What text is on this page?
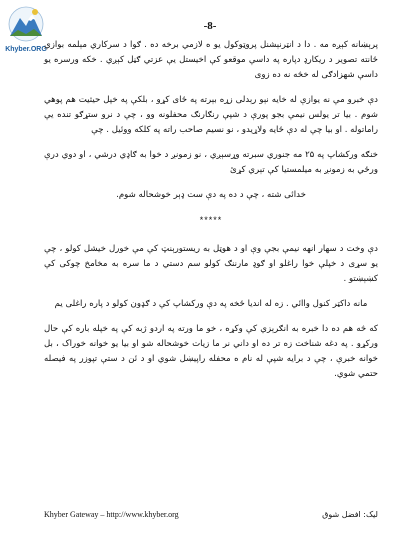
Khyber.ORG
-8-

پرېښانه کېږه مه . دا د انټرنېشنل پروټوکول يو ه لازمي برخه ده . ګوا د سرکاري مېلمه بوازي ځانته تصوير د ريکارډ دپاره په داسې موقعو کې اخيستل يې عزتي ګڼل کېږي . خکه ورسره يو داسې شهزادګی له خڅه نه ده زوی

دې خبرو مې نه يوازې له خايه نېو رېدلی زړه بېرته په ځای کړو ، بلکې په خپل حيثيت هم پوهي شوم . بيا تر يولس نيمې بجو پورې د شپې رنګارنګ محفلونه وو ، چې د نرو ستړګو تنده يې راماتوله . او بيا چې له دې ځايه ولاړيدو ، نو نسيم صاحب راته په کلکه ووئيل . چې

خنګه ورکشاپ په ۲۵ مه جنوري سبرته وړسېږي ، نو زمونږ د خوا به ګاډي درشي ، او دوي درې ورځي به زمونږ به ميلمستيا کې تېري کړئ

خدائی شته ، چې د ده په دې ست ډېر خوشحاله شوم.

*****

دې وخت د سهار انهه نيمې بجې وې او د هوټل به ريستورېنټ کې مې خورل خيشل کولو ، چې يو سړی د خپلې خوا راغلو او ګوډ مارننګ کولو سم دستي د ما سره به مخامخ چوکی کې کښېښتو .

مانه داکټر کنول واائي . زه له انديا ځخه په دې ورکشاپ کې د ګډون کولو د پاره راغلی يم

که څه هم ده دا خبره به انګرېزي کې وکړه ، خو ما ورته په اردو ژبه کې په خپله باره کې حال ورکړو . په دغه شناخت زه تر ده او داني نر ما زيات خوشحاله شو او بيا يو خوانه خوراک ، بل خوانه خبرې ، چې د برايه شپې له نام ه محفله راپيښل شوي او د ئن د ستې تپوزر په فيصله حتمي شوي.

Khyber Gateway – http://www.khyber.org	لیک: افضل شوق
